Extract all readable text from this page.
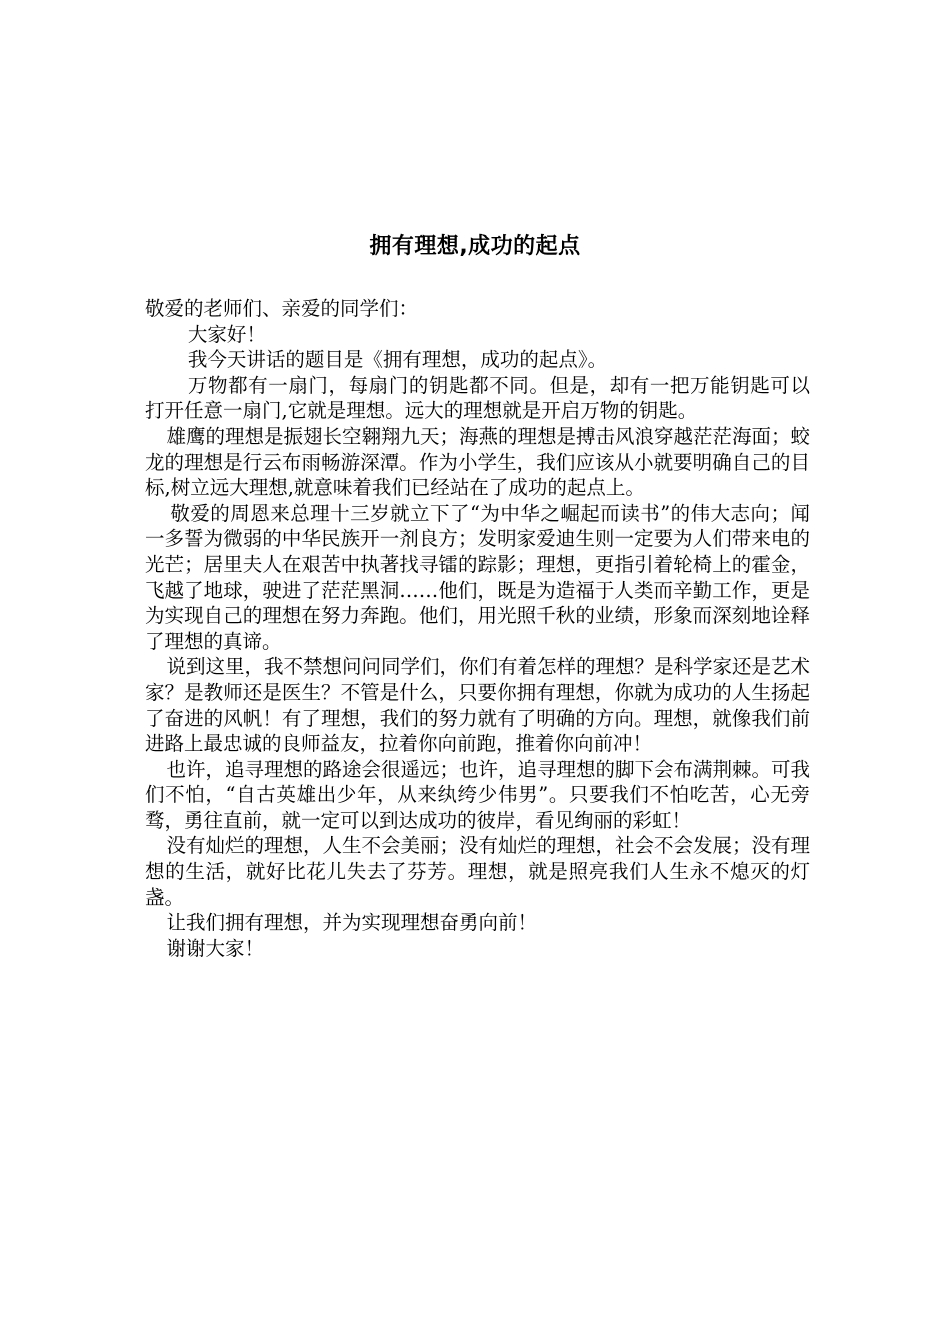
拥有理想,成功的起点

敬爱的老师们、亲爱的同学们：

大家好！

我今天讲话的题目是《拥有理想，成功的起点》。

万物都有一扇门，每扇门的钥匙都不同。但是，却有一把万能钥匙可以打开任意一扇门,它就是理想。远大的理想就是开启万物的钥匙。

雄鹰的理想是振翅长空翱翔九天；海燕的理想是搏击风浪穿越茫茫海面；蛟龙的理想是行云布雨畅游深潭。作为小学生，我们应该从小就要明确自己的目标,树立远大理想,就意味着我们已经站在了成功的起点上。

敬爱的周恩来总理十三岁就立下了“为中华之崛起而读书”的伟大志向；闻一多誓为微弱的中华民族开一剂良方；发明家爱迪生则一定要为人们带来电的光芒；居里夫人在艰苦中执著找寻镭的踪影；理想，更指引着轮椅上的霍金，飞越了地球，驶进了茫茫黑洞……他们，既是为造福于人类而辛勤工作，更是为实现自己的理想在努力奔跑。他们，用光照千秋的业绩，形象而深刻地诠释了理想的真谛。

说到这里，我不禁想问问同学们，你们有着怎样的理想？是科学家还是艺术家？是教师还是医生？不管是什么，只要你拥有理想，你就为成功的人生扬起了奋进的风帆！有了理想，我们的努力就有了明确的方向。理想，就像我们前进路上最忠诚的良师益友，拉着你向前跑，推着你向前冲！

也许，追寻理想的路途会很遥远；也许，追寻理想的脚下会布满荆棘。可我们不怕，“自古英雄出少年，从来纨绔少伟男”。只要我们不怕吃苦，心无旁骛，勇往直前，就一定可以到达成功的彼岸，看见绚丽的彩虹！

没有灿烂的理想，人生不会美丽；没有灿烂的理想，社会不会发展；没有理想的生活，就好比花儿失去了芬芳。理想，就是照亮我们人生永不熄灭的灯盏。

让我们拥有理想，并为实现理想奋勇向前！

谢谢大家！
